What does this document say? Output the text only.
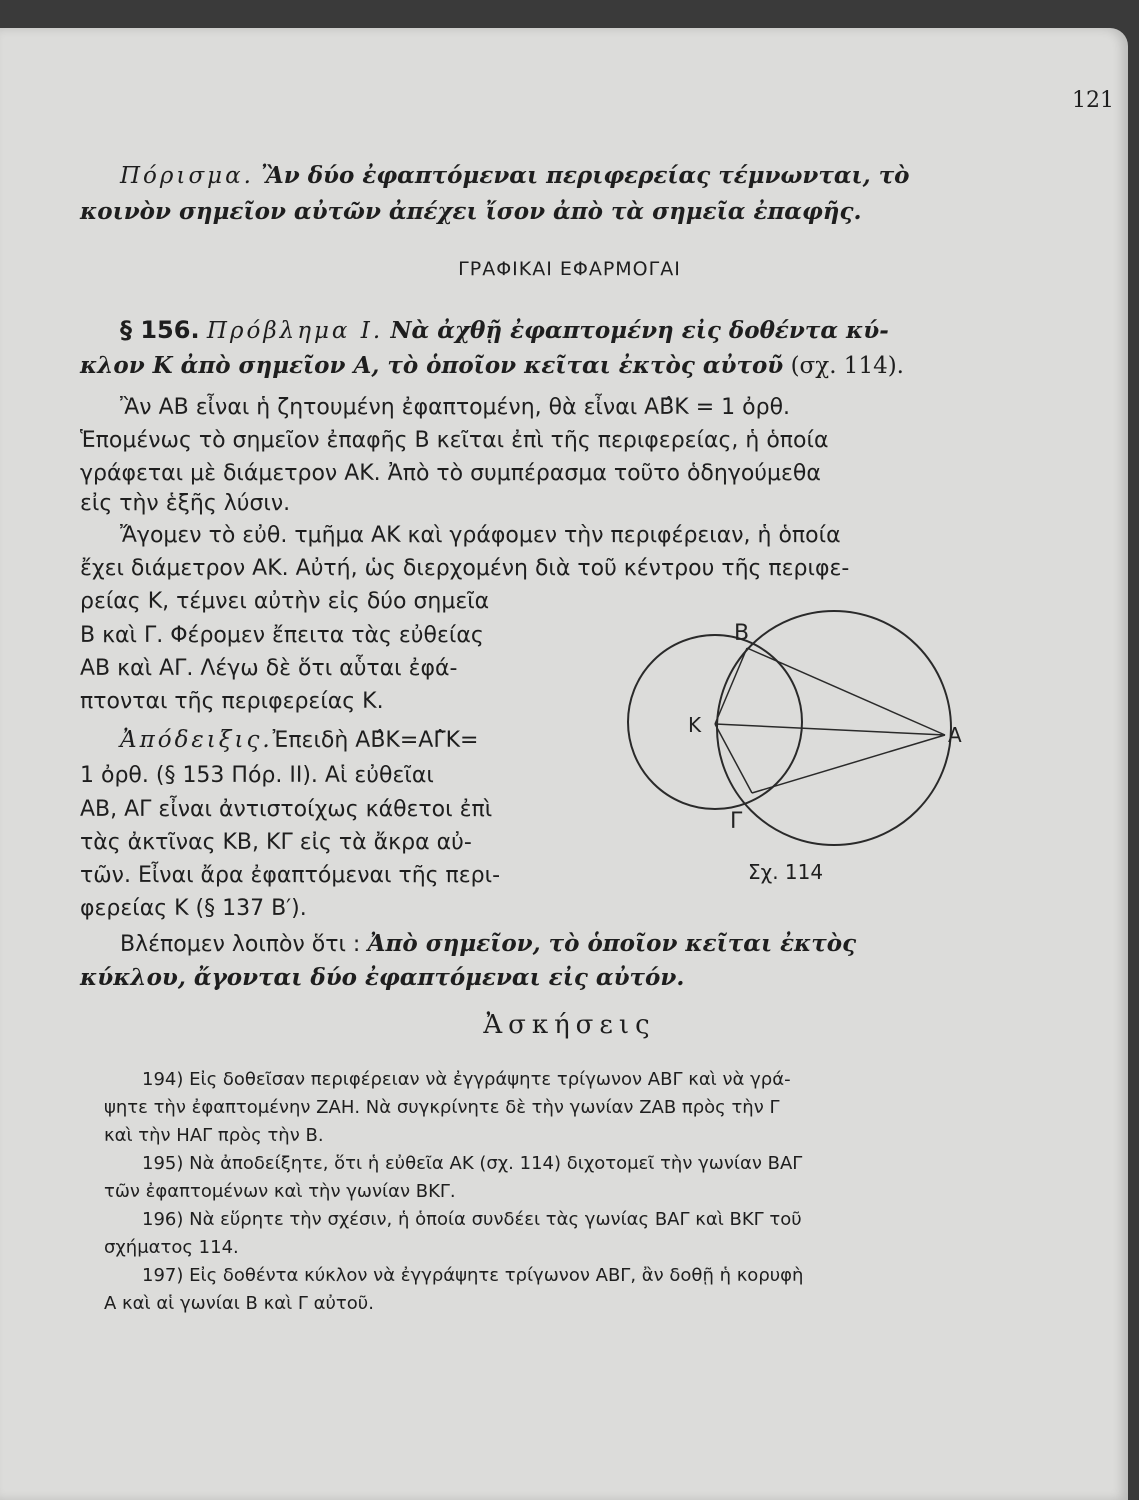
121
Πόρισμα. Ἂν δύο ἐφαπτόμεναι περιφερείας τέμνωνται, τὸ
κοινὸν σημεῖον αὐτῶν ἀπέχει ἴσον ἀπὸ τὰ σημεῖα ἐπαφῆς.
ΓΡΑΦΙΚΑΙ ΕΦΑΡΜΟΓΑΙ
§ 156. Πρόβλημα Ι. Νὰ ἀχθῇ ἐφαπτομένη εἰς δοθέντα κύ-
κλον Κ ἀπὸ σημεῖον Α, τὸ ὁποῖον κεῖται ἐκτὸς αὐτοῦ (σχ. 114).
Ἂν ΑΒ εἶναι ἡ ζητουμένη ἐφαπτομένη, θὰ εἶναι ΑΒ̂Κ = 1 ὀρθ.
Ἑπομένως τὸ σημεῖον ἐπαφῆς Β κεῖται ἐπὶ τῆς περιφερείας, ἡ ὁποία
γράφεται μὲ διάμετρον ΑΚ. Ἀπὸ τὸ συμπέρασμα τοῦτο ὁδηγούμεθα
εἰς τὴν ἑξῆς λύσιν.
Ἄγομεν τὸ εὐθ. τμῆμα ΑΚ καὶ γράφομεν τὴν περιφέρειαν, ἡ ὁποία
ἔχει διάμετρον ΑΚ. Αὐτή, ὡς διερχομένη διὰ τοῦ κέντρου τῆς περιφε-
ρείας Κ, τέμνει αὐτὴν εἰς δύο σημεῖα
Β καὶ Γ. Φέρομεν ἔπειτα τὰς εὐθείας
ΑΒ καὶ ΑΓ. Λέγω δὲ ὅτι αὗται ἐφά-
πτονται τῆς περιφερείας Κ.
Ἀπόδειξις.Ἐπειδὴ ΑΒ̂Κ=ΑΓ̂Κ=
1 ὀρθ. (§ 153 Πόρ. ΙΙ). Αἱ εὐθεῖαι
ΑΒ, ΑΓ εἶναι ἀντιστοίχως κάθετοι ἐπὶ
τὰς ἀκτῖνας ΚΒ, ΚΓ εἰς τὰ ἄκρα αὐ-
τῶν. Εἶναι ἄρα ἐφαπτόμεναι τῆς περι-
φερείας Κ (§ 137 Β′).
Βλέπομεν λοιπὸν ὅτι : Ἀπὸ σημεῖον, τὸ ὁποῖον κεῖται ἐκτὸς
κύκλου, ἄγονται δύο ἐφαπτόμεναι εἰς αὐτόν.
Β
Κ	Α
Γ
Σχ. 114
Ἀσκήσεις
194) Εἰς δοθεῖσαν περιφέρειαν νὰ ἐγγράψητε τρίγωνον ΑΒΓ καὶ νὰ γρά-
ψητε τὴν ἐφαπτομένην ΖΑΗ. Νὰ συγκρίνητε δὲ τὴν γωνίαν ΖΑΒ πρὸς τὴν Γ
καὶ τὴν ΗΑΓ πρὸς τὴν Β.
195) Νὰ ἀποδείξητε, ὅτι ἡ εὐθεῖα ΑΚ (σχ. 114) διχοτομεῖ τὴν γωνίαν ΒΑΓ
τῶν ἐφαπτομένων καὶ τὴν γωνίαν ΒΚΓ.
196) Νὰ εὕρητε τὴν σχέσιν, ἡ ὁποία συνδέει τὰς γωνίας ΒΑΓ καὶ ΒΚΓ τοῦ
σχήματος 114.
197) Εἰς δοθέντα κύκλον νὰ ἐγγράψητε τρίγωνον ΑΒΓ, ἂν δοθῇ ἡ κορυφὴ
Α καὶ αἱ γωνίαι Β καὶ Γ αὐτοῦ.
